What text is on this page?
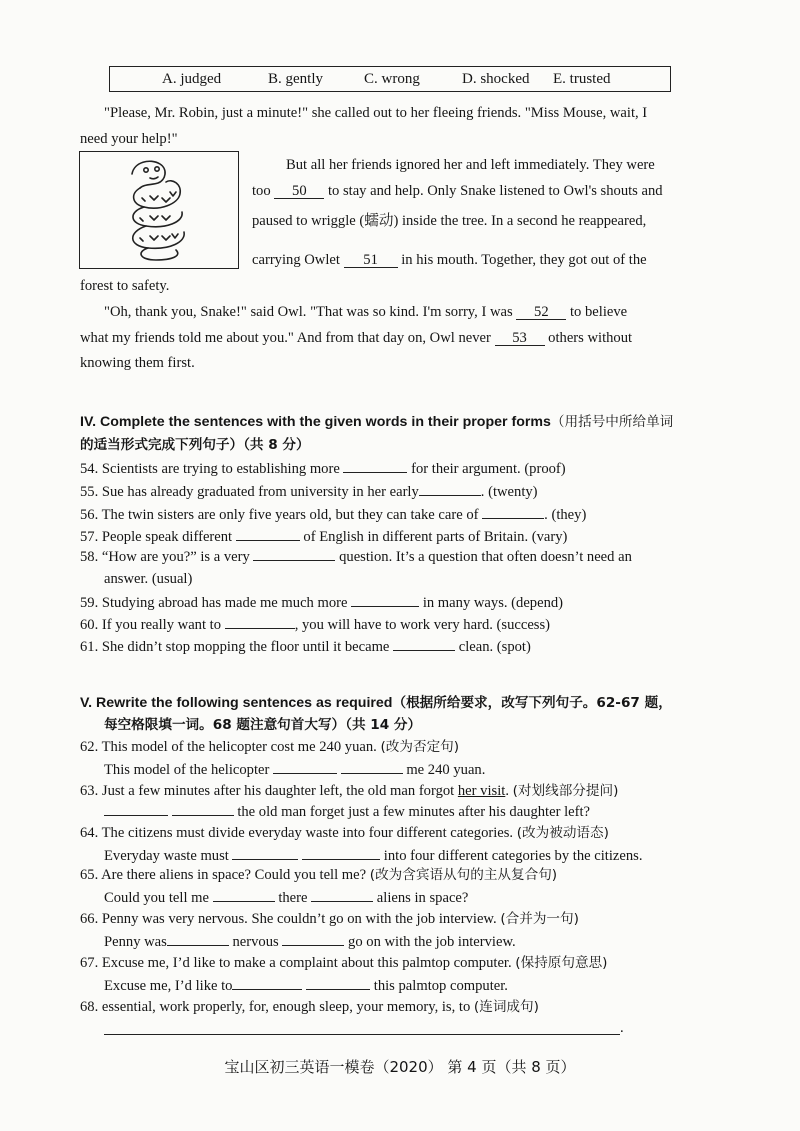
A. judged	B. gently	C. wrong	D. shocked E. trusted
"Please, Mr. Robin, just a minute!" she called out to her fleeing friends. "Miss Mouse, wait, I
need your help!"
But all her friends ignored her and left immediately. They were
too 50 to stay and help. Only Snake listened to Owl's shouts and
paused to wriggle (蠕动) inside the tree. In a second he reappeared,
carrying Owlet 51 in his mouth. Together, they got out of the
forest to safety.
"Oh, thank you, Snake!" said Owl. "That was so kind. I'm sorry, I was 52 to believe
what my friends told me about you." And from that day on, Owl never 53 others without
knowing them first.
IV. Complete the sentences with the given words in their proper forms（用括号中所给单词
的适当形式完成下列句子）（共 8 分）
54. Scientists are trying to establishing more	for their argument. (proof)
55. Sue has already graduated from university in her early	. (twenty)
56. The twin sisters are only five years old, but they can take care of	. (they)
57. People speak different	of English in different parts of Britain. (vary)
58. “How are you?” is a very	question. It’s a question that often doesn’t need an
answer. (usual)
59. Studying abroad has made me much more	in many ways. (depend)
60. If you really want to	, you will have to work very hard. (success)
61. She didn’t stop mopping the floor until it became	clean. (spot)
V. Rewrite the following sentences as required（根据所给要求，改写下列句子。62-67 题，
每空格限填一词。68 题注意句首大写）（共 14 分）
62. This model of the helicopter cost me 240 yuan. (改为否定句)
This model of the helicopter	me 240 yuan.
63. Just a few minutes after his daughter left, the old man forgot her visit. (对划线部分提问)
the old man forget just a few minutes after his daughter left?
64. The citizens must divide everyday waste into four different categories. (改为被动语态)
Everyday waste must	into four different categories by the citizens.
65. Are there aliens in space? Could you tell me? (改为含宾语从句的主从复合句)
Could you tell me	there	aliens in space?
66. Penny was very nervous. She couldn’t go on with the job interview. (合并为一句)
Penny was	nervous	go on with the job interview.
67. Excuse me, I’d like to make a complaint about this palmtop computer. (保持原句意思)
Excuse me, I’d like to	this palmtop computer.
68. essential, work properly, for, enough sleep, your memory, is, to (连词成句)
.
宝山区初三英语一模卷（2020） 第 4 页（共 8 页）
